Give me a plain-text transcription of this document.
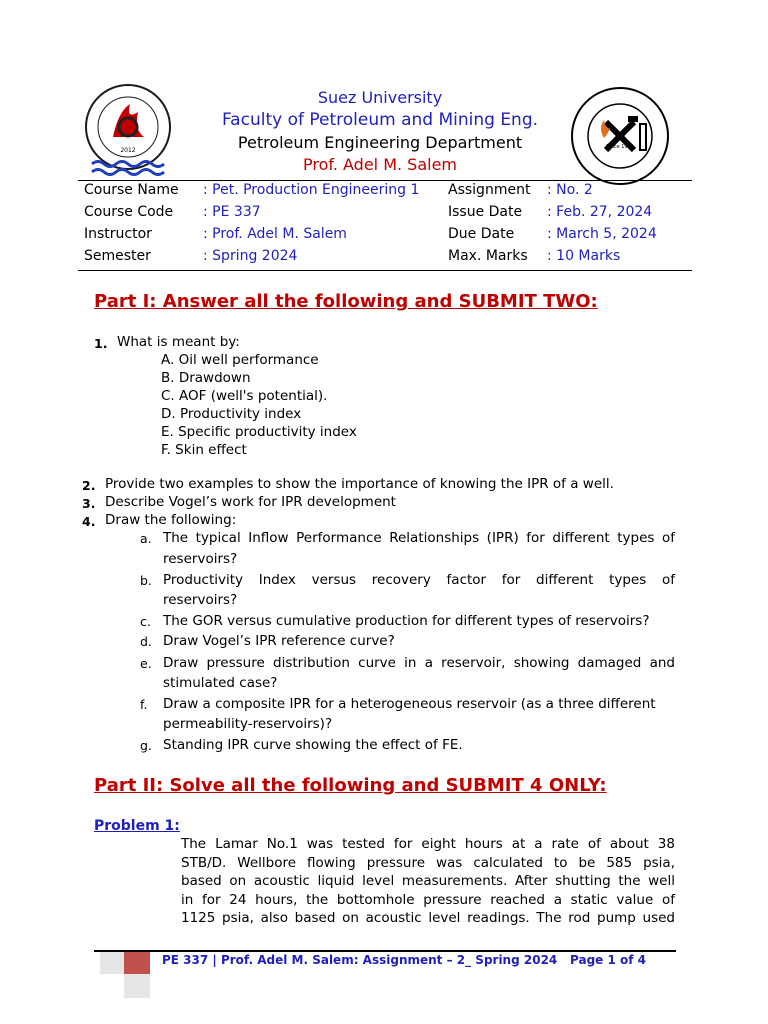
2012	Since 1961
Suez University
Faculty of Petroleum and Mining Eng.
Petroleum Engineering Department
Prof. Adel M. Salem
Course Name : Pet. Production Engineering 1 Assignment : No. 2
Course Code : PE 337	Issue Date : Feb. 27, 2024
Instructor	: Prof. Adel M. Salem	Due Date : March 5, 2024
Semester	: Spring 2024	Max. Marks : 10 Marks
Part I: Answer all the following and SUBMIT TWO:
1. What is meant by:
A. Oil well performance
B. Drawdown
C. AOF (well's potential).
D. Productivity index
E. Specific productivity index
F. Skin effect
2. Provide two examples to show the importance of knowing the IPR of a well.
3. Describe Vogel’s work for IPR development
4. Draw the following:
a. The typical Inflow Performance Relationships (IPR) for different types of
reservoirs?
b. Productivity Index versus recovery factor for different types of
reservoirs?
c. The GOR versus cumulative production for different types of reservoirs?
d. Draw Vogel’s IPR reference curve?
e. Draw pressure distribution curve in a reservoir, showing damaged and
stimulated case?
f. Draw a composite IPR for a heterogeneous reservoir (as a three different
permeability-reservoirs)?
g. Standing IPR curve showing the effect of FE.
Part II: Solve all the following and SUBMIT 4 ONLY:
Problem 1:
The Lamar No.1 was tested for eight hours at a rate of about 38
STB/D. Wellbore flowing pressure was calculated to be 585 psia,
based on acoustic liquid level measurements. After shutting the well
in for 24 hours, the bottomhole pressure reached a static value of
1125 psia, also based on acoustic level readings. The rod pump used
PE 337 | Prof. Adel M. Salem: Assignment – 2_ Spring 2024 Page 1 of 4
